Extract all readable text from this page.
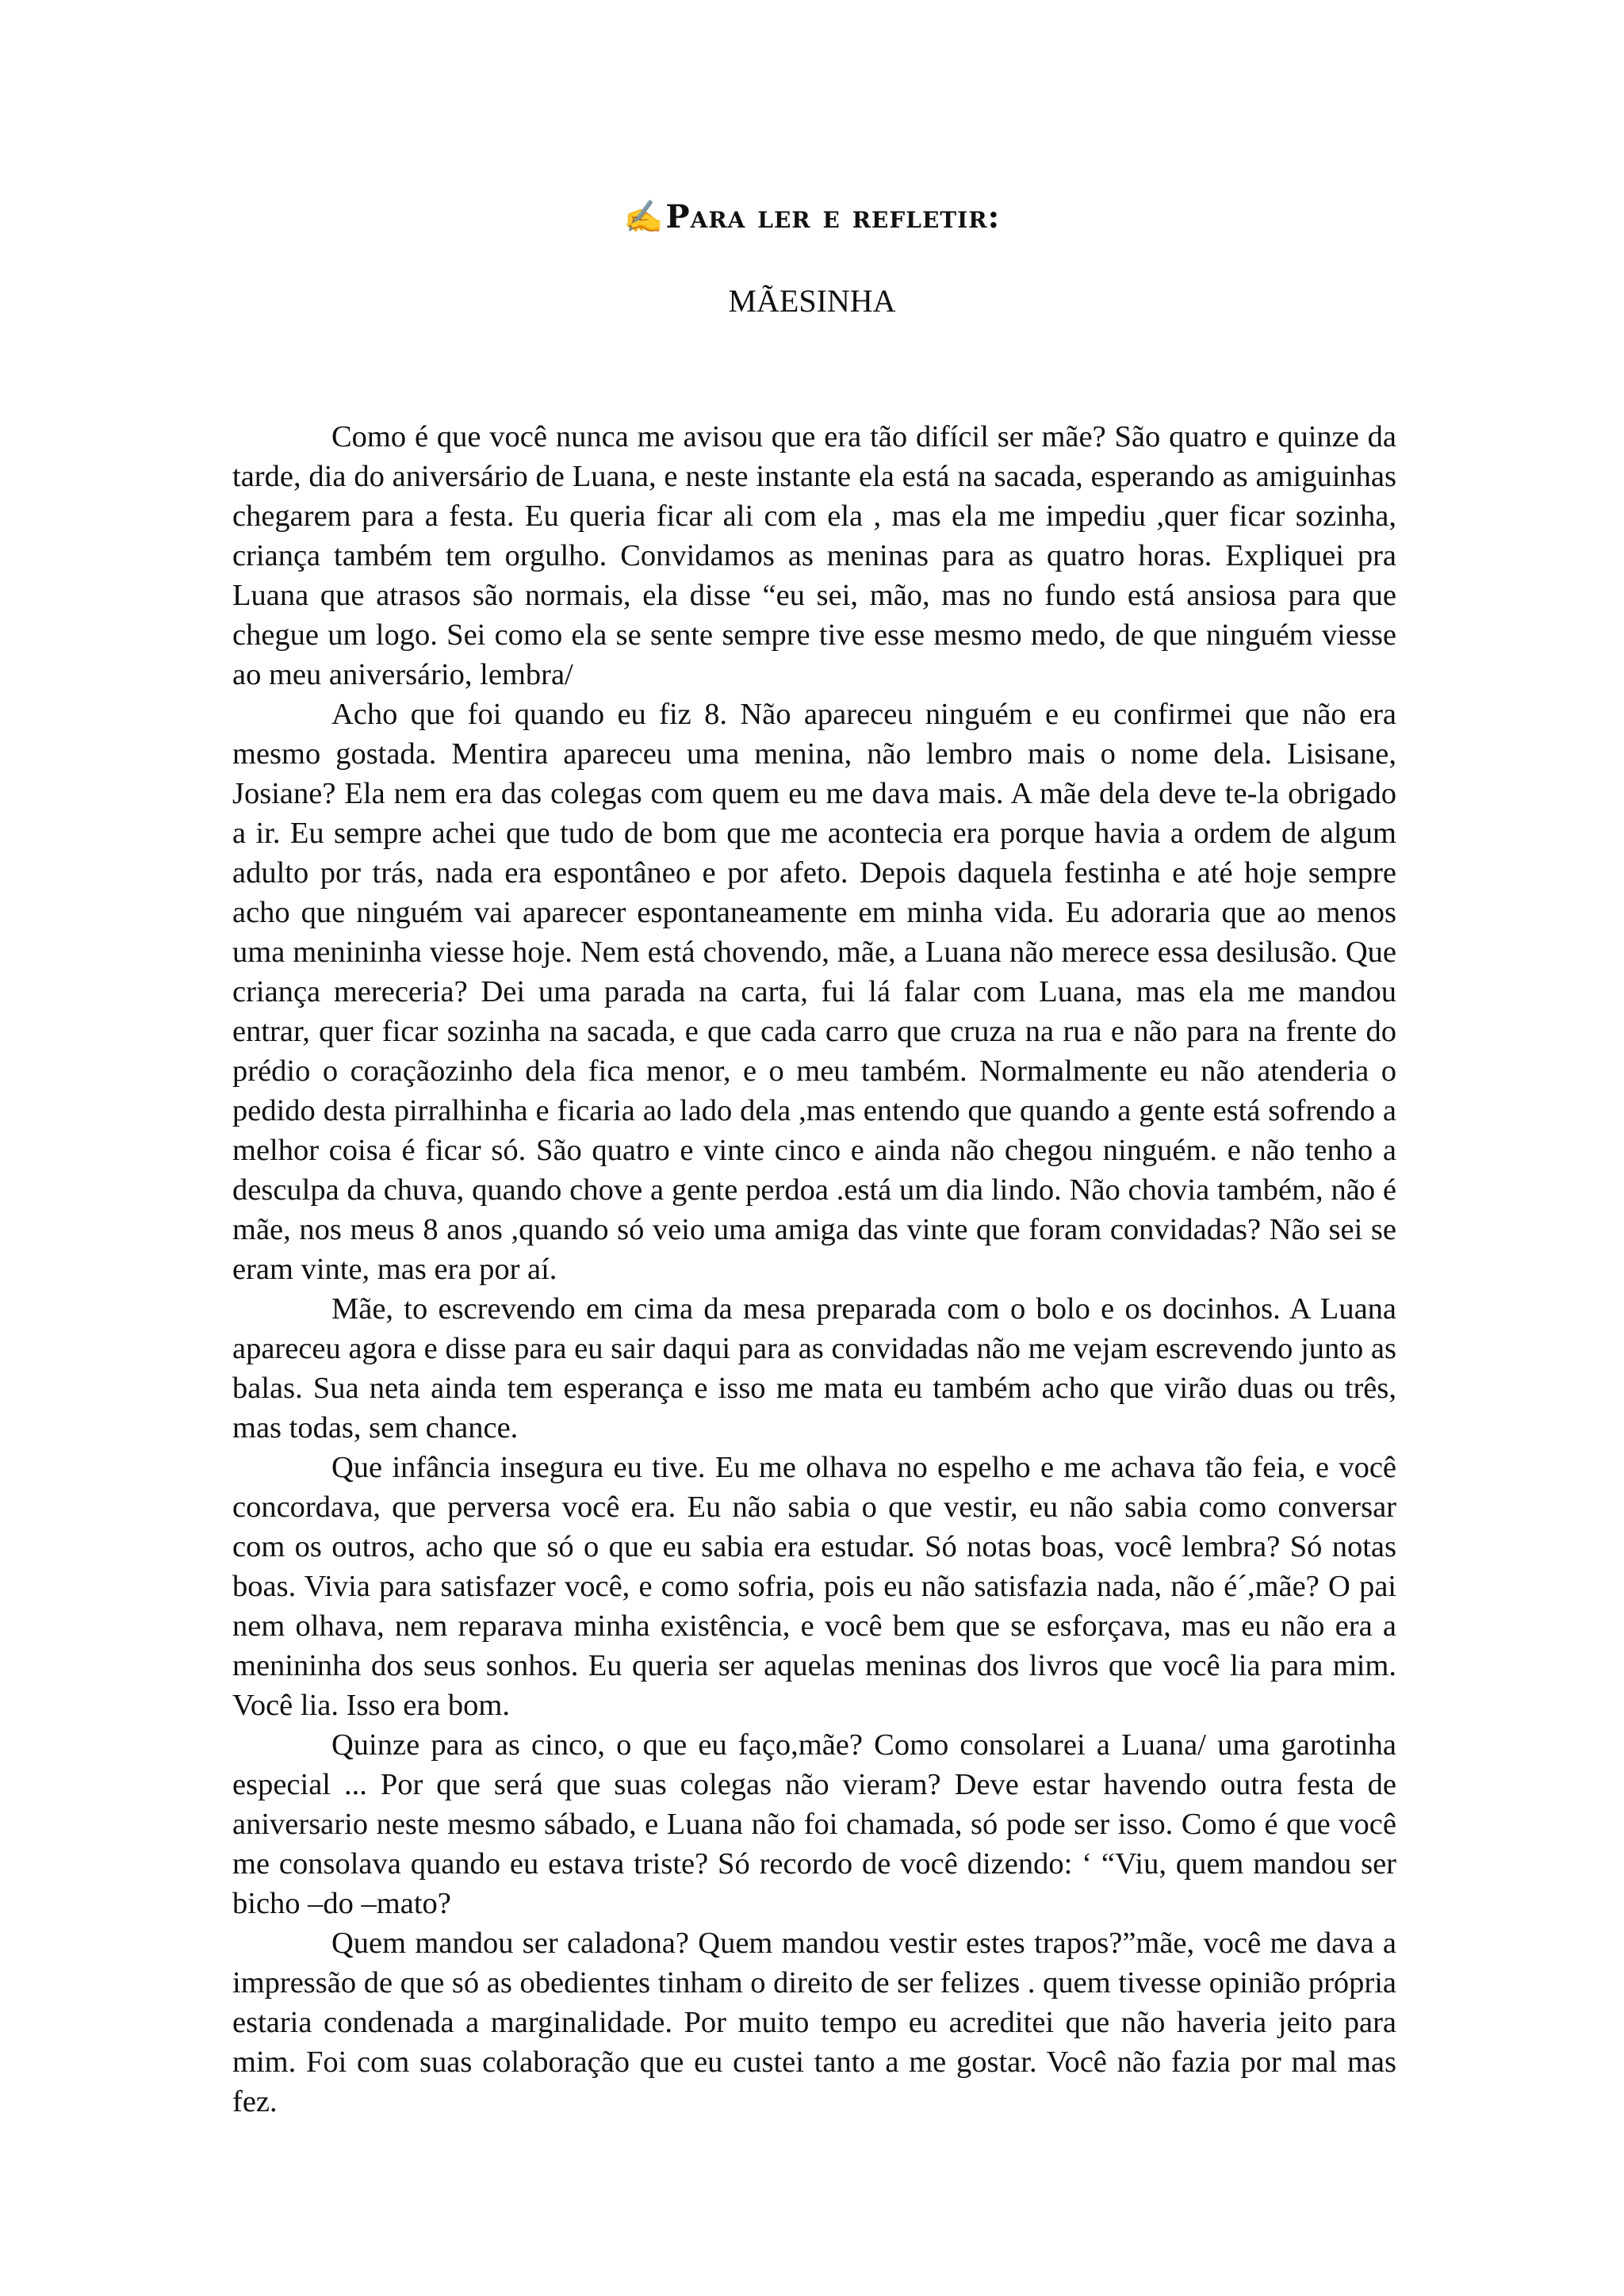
✍Para ler e refletir:
MÃESINHA

Como é que você nunca me avisou que era tão difícil ser mãe? São quatro e quinze da tarde, dia do aniversário de Luana, e neste instante ela está na sacada, esperando as amiguinhas chegarem para a festa. Eu queria ficar ali com ela , mas ela me impediu ,quer ficar sozinha, criança também tem orgulho. Convidamos as meninas para as quatro horas. Expliquei pra Luana que atrasos são normais, ela disse “eu sei, mão, mas no fundo está ansiosa para que chegue um logo. Sei como ela se sente sempre tive esse mesmo medo, de que ninguém viesse ao meu aniversário, lembra/

Acho que foi quando eu fiz 8. Não apareceu ninguém e eu confirmei que não era mesmo gostada. Mentira apareceu uma menina, não lembro mais o nome dela. Lisisane, Josiane? Ela nem era das colegas com quem eu me dava mais. A mãe dela deve te-la obrigado a ir. Eu sempre achei que tudo de bom que me acontecia era porque havia a ordem de algum adulto por trás, nada era espontâneo e por afeto. Depois daquela festinha e até hoje sempre acho que ninguém vai aparecer espontaneamente em minha vida. Eu adoraria que ao menos uma menininha viesse hoje. Nem está chovendo, mãe, a Luana não merece essa desilusão. Que criança mereceria? Dei uma parada na carta, fui lá falar com Luana, mas ela me mandou entrar, quer ficar sozinha na sacada, e que cada carro que cruza na rua e não para na frente do prédio o coraçãozinho dela fica menor, e o meu também. Normalmente eu não atenderia o pedido desta pirralhinha e ficaria ao lado dela ,mas entendo que quando a gente está sofrendo a melhor coisa é ficar só. São quatro e vinte cinco e ainda não chegou ninguém. e não tenho a desculpa da chuva, quando chove a gente perdoa .está um dia lindo. Não chovia também, não é mãe, nos meus 8 anos ,quando só veio uma amiga das vinte que foram convidadas? Não sei se eram vinte, mas era por aí.

Mãe, to escrevendo em cima da mesa preparada com o bolo e os docinhos. A Luana apareceu agora e disse para eu sair daqui para as convidadas não me vejam escrevendo junto as balas. Sua neta ainda tem esperança e isso me mata eu também acho que virão duas ou três, mas todas, sem chance.

Que infância insegura eu tive. Eu me olhava no espelho e me achava tão feia, e você concordava, que perversa você era. Eu não sabia o que vestir, eu não sabia como conversar com os outros, acho que só o que eu sabia era estudar. Só notas boas, você lembra? Só notas boas. Vivia para satisfazer você, e como sofria, pois eu não satisfazia nada, não é´,mãe? O pai nem olhava, nem reparava minha existência, e você bem que se esforçava, mas eu não era a menininha dos seus sonhos. Eu queria ser aquelas meninas dos livros que você lia para mim. Você lia. Isso era bom.

Quinze para as cinco, o que eu faço,mãe? Como consolarei a Luana/ uma garotinha especial ... Por que será que suas colegas não vieram? Deve estar havendo outra festa de aniversario neste mesmo sábado, e Luana não foi chamada, só pode ser isso. Como é que você me consolava quando eu estava triste? Só recordo de você dizendo: ‘ “Viu, quem mandou ser bicho –do –mato?

Quem mandou ser caladona? Quem mandou vestir estes trapos?”mãe, você me dava a impressão de que só as obedientes tinham o direito de ser felizes . quem tivesse opinião própria estaria condenada a marginalidade. Por muito tempo eu acreditei que não haveria jeito para mim. Foi com suas colaboração que eu custei tanto a me gostar. Você não fazia por mal mas fez.
